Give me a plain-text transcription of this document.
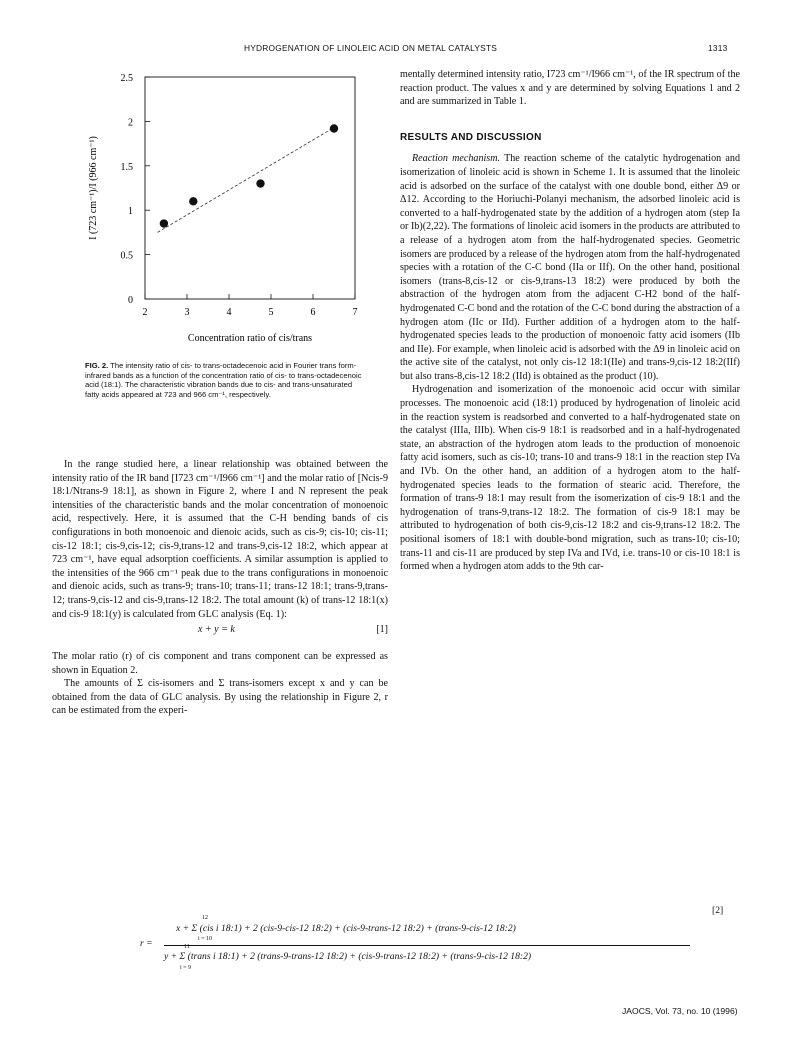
HYDROGENATION OF LINOLEIC ACID ON METAL CATALYSTS	1313
2	3	4	5	6	7
0
0.5
1
1.5
2
2.5
Concentration ratio of cis/trans
I (723 cm⁻¹)/I (966 cm⁻¹)
FIG. 2. The intensity ratio of cis- to trans-octadecenoic acid in Fourier trans form-infrared bands as a function of the concentration ratio of cis- to trans-octadecenoic acid (18:1). The characteristic vibration bands due to cis- and trans-unsaturated fatty acids appeared at 723 and 966 cm⁻¹, respectively.

In the range studied here, a linear relationship was obtained between the intensity ratio of the IR band [I723 cm⁻¹/I966 cm⁻¹] and the molar ratio of [Ncis-9 18:1/Ntrans-9 18:1], as shown in Figure 2, where I and N represent the peak intensities of the characteristic bands and the molar concentration of monoenoic acid, respectively. Here, it is assumed that the C-H bending bands of cis configurations in both monoenoic and dienoic acids, such as cis-9; cis-10; cis-11; cis-12 18:1; cis-9,cis-12; cis-9,trans-12 and trans-9,cis-12 18:2, which appear at 723 cm⁻¹, have equal adsorption coefficients. A similar assumption is applied to the intensities of the 966 cm⁻¹ peak due to the trans configurations in monoenoic and dienoic acids, such as trans-9; trans-10; trans-11; trans-12 18:1; trans-9,trans-12; trans-9,cis-12 and cis-9,trans-12 18:2. The total amount (k) of trans-12 18:1(x) and cis-9 18:1(y) is calculated from GLC analysis (Eq. 1):

x + y = k	[1]

The molar ratio (r) of cis component and trans component can be expressed as shown in Equation 2.

The amounts of Σ cis-isomers and Σ trans-isomers except x and y can be obtained from the data of GLC analysis. By using the relationship in Figure 2, r can be estimated from the experi-

mentally determined intensity ratio, I723 cm⁻¹/I966 cm⁻¹, of the IR spectrum of the reaction product. The values x and y are determined by solving Equations 1 and 2 and are summarized in Table 1.

RESULTS AND DISCUSSION

Reaction mechanism. The reaction scheme of the catalytic hydrogenation and isomerization of linoleic acid is shown in Scheme 1. It is assumed that the linoleic acid is adsorbed on the surface of the catalyst with one double bond, either Δ9 or Δ12. According to the Horiuchi-Polanyi mechanism, the adsorbed linoleic acid is converted to a half-hydrogenated state by the addition of a hydrogen atom (step Ia or Ib)(2,22). The formations of linoleic acid isomers in the products are attributed to a release of a hydrogen atom from the half-hydrogenated species. Geometric isomers are produced by a release of the hydrogen atom from the half-hydrogenated species with a rotation of the C-C bond (IIa or IIf). On the other hand, positional isomers (trans-8,cis-12 or cis-9,trans-13 18:2) were produced by both the abstraction of the hydrogen atom from the adjacent C-H2 bond of the half-hydrogenated C-C bond and the rotation of the C-C bond during the abstraction of a hydrogen atom (IIc or IId). Further addition of a hydrogen atom to the half-hydrogenated species leads to the production of monoenoic fatty acid isomers (IIb and IIe). For example, when linoleic acid is adsorbed with the Δ9 in linoleic acid on the active site of the catalyst, not only cis-12 18:1(IIe) and trans-9,cis-12 18:2(IIf) but also trans-8,cis-12 18:2 (IId) is obtained as the product (10).

Hydrogenation and isomerization of the monoenoic acid occur with similar processes. The monoenoic acid (18:1) produced by hydrogenation of linoleic acid in the reaction system is readsorbed and converted to a half-hydrogenated state on the catalyst (IIIa, IIIb). When cis-9 18:1 is readsorbed and in a half-hydrogenated state, an abstraction of the hydrogen atom leads to the production of monoenoic fatty acid isomers, such as cis-10; trans-10 and trans-9 18:1 in the reaction step IVa and IVb. On the other hand, an addition of a hydrogen atom to the half-hydrogenated species leads to the formation of stearic acid. Therefore, the formation of trans-9 18:1 may result from the isomerization of cis-9 18:1 and the hydrogenation of trans-9,trans-12 18:2. The formation of cis-9 18:1 may be attributed to hydrogenation of both cis-9,cis-12 18:2 and cis-9,trans-12 18:2. The positional isomers of 18:1 with double-bond migration, such as trans-10; cis-10; trans-11 and cis-11 are produced by step IVa and IVd, i.e. trans-10 or cis-10 18:1 is formed when a hydrogen atom adds to the 9th car-

[2]
r =
12
x + Σ (cis i 18:1) + 2 (cis-9-cis-12 18:2) + (cis-9-trans-12 18:2) + (trans-9-cis-12 18:2)
i = 10
11
y + Σ (trans i 18:1) + 2 (trans-9-trans-12 18:2) + (cis-9-trans-12 18:2) + (trans-9-cis-12 18:2)
i = 9
JAOCS, Vol. 73, no. 10 (1996)
